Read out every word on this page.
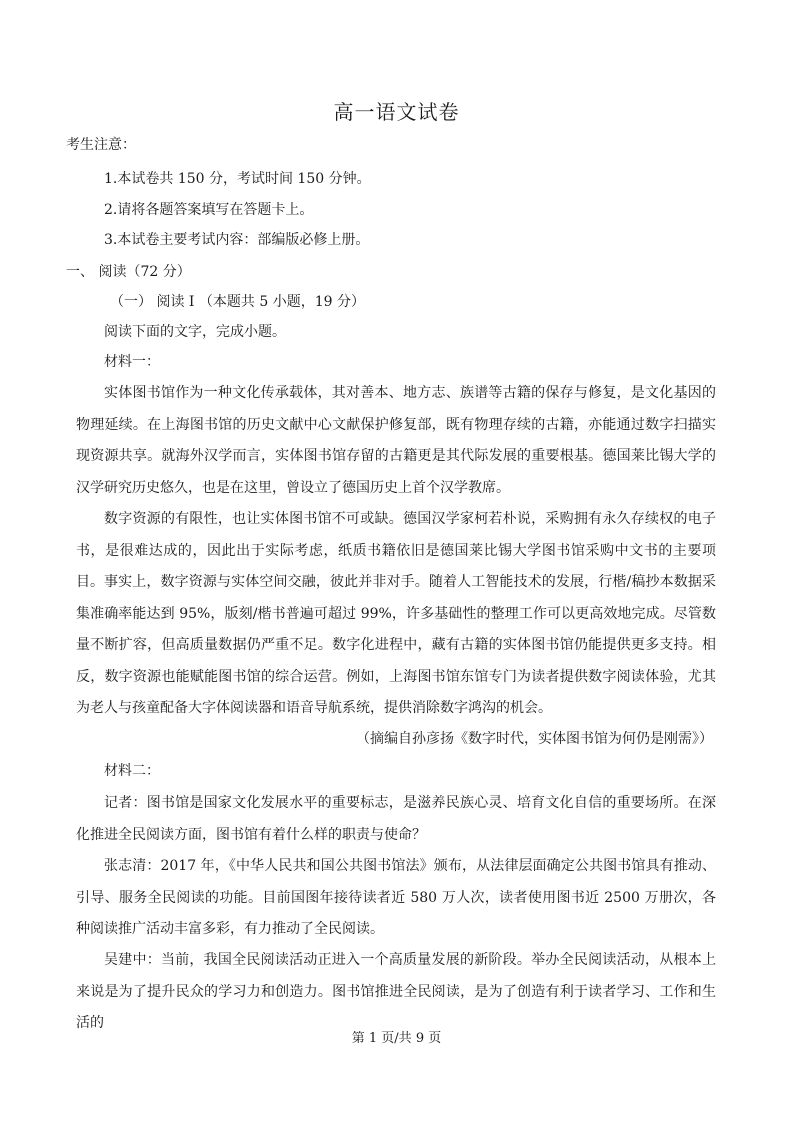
高一语文试卷
考生注意：
1.本试卷共 150 分，考试时间 150 分钟。
2.请将各题答案填写在答题卡上。
3.本试卷主要考试内容：部编版必修上册。
一、 阅读（72 分）
（一） 阅读 I （本题共 5 小题，19 分）
阅读下面的文字，完成小题。
材料一：
实体图书馆作为一种文化传承载体，其对善本、地方志、族谱等古籍的保存与修复，是文化基因的物理延续。在上海图书馆的历史文献中心文献保护修复部，既有物理存续的古籍，亦能通过数字扫描实现资源共享。就海外汉学而言，实体图书馆存留的古籍更是其代际发展的重要根基。德国莱比锡大学的汉学研究历史悠久，也是在这里，曾设立了德国历史上首个汉学教席。
数字资源的有限性，也让实体图书馆不可或缺。德国汉学家柯若朴说，采购拥有永久存续权的电子书，是很难达成的，因此出于实际考虑，纸质书籍依旧是德国莱比锡大学图书馆采购中文书的主要项目。 事实上，数字资源与实体空间交融，彼此并非对手。随着人工智能技术的发展，行楷/稿抄本数据采集准确率能达到 95%，版刻/楷书普遍可超过 99%，许多基础性的整理工作可以更高效地完成。尽管数量不断扩容，但高质量数据仍严重不足。数字化进程中，藏有古籍的实体图书馆仍能提供更多支持。相反，数字资源也能赋能图书馆的综合运营。例如，上海图书馆东馆专门为读者提供数字阅读体验，尤其为老人与孩童配备大字体阅读器和语音导航系统，提供消除数字鸿沟的机会。
（摘编自孙彦扬《数字时代，实体图书馆为何仍是刚需》）
材料二：
记者：图书馆是国家文化发展水平的重要标志，是滋养民族心灵、培育文化自信的重要场所。在深化推进全民阅读方面，图书馆有着什么样的职责与使命？
张志清：2017 年，《中华人民共和国公共图书馆法》颁布，从法律层面确定公共图书馆具有推动、引导、服务全民阅读的功能。目前国图年接待读者近 580 万人次，读者使用图书近 2500 万册次，各种阅读推广活动丰富多彩，有力推动了全民阅读。
吴建中：当前，我国全民阅读活动正进入一个高质量发展的新阶段。举办全民阅读活动，从根本上来说是为了提升民众的学习力和创造力。图书馆推进全民阅读，是为了创造有利于读者学习、工作和生活的
第 1 页/共 9 页
